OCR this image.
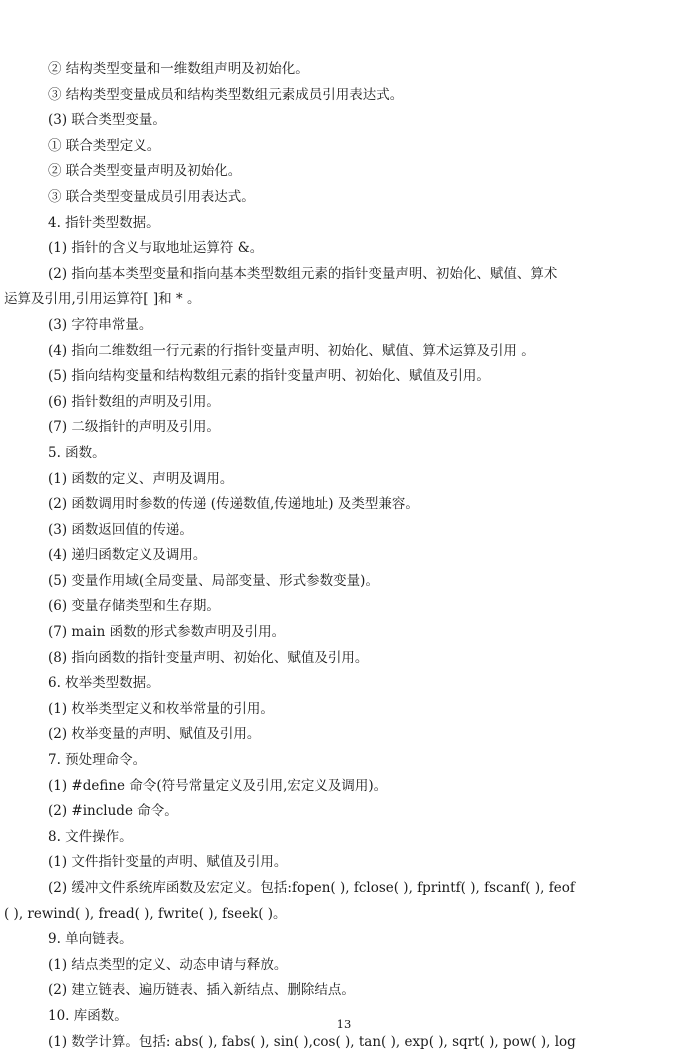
② 结构类型变量和一维数组声明及初始化。
③ 结构类型变量成员和结构类型数组元素成员引用表达式。
(3) 联合类型变量。
① 联合类型定义。
② 联合类型变量声明及初始化。
③ 联合类型变量成员引用表达式。
4. 指针类型数据。
(1) 指针的含义与取地址运算符 &。
(2) 指向基本类型变量和指向基本类型数组元素的指针变量声明、初始化、赋值、算术
运算及引用,引用运算符[ ]和 * 。
(3) 字符串常量。
(4) 指向二维数组一行元素的行指针变量声明、初始化、赋值、算术运算及引用 。
(5) 指向结构变量和结构数组元素的指针变量声明、初始化、赋值及引用。
(6) 指针数组的声明及引用。
(7) 二级指针的声明及引用。
5. 函数。
(1) 函数的定义、声明及调用。
(2) 函数调用时参数的传递 (传递数值,传递地址) 及类型兼容。
(3) 函数返回值的传递。
(4) 递归函数定义及调用。
(5) 变量作用域(全局变量、局部变量、形式参数变量)。
(6) 变量存储类型和生存期。
(7) main 函数的形式参数声明及引用。
(8) 指向函数的指针变量声明、初始化、赋值及引用。
6. 枚举类型数据。
(1) 枚举类型定义和枚举常量的引用。
(2) 枚举变量的声明、赋值及引用。
7. 预处理命令。
(1) #define 命令(符号常量定义及引用,宏定义及调用)。
(2) #include 命令。
8. 文件操作。
(1) 文件指针变量的声明、赋值及引用。
(2) 缓冲文件系统库函数及宏定义。包括:fopen( ), fclose( ), fprintf( ), fscanf( ), feof
( ), rewind( ), fread( ), fwrite( ), fseek( )。
9. 单向链表。
(1) 结点类型的定义、动态申请与释放。
(2) 建立链表、遍历链表、插入新结点、删除结点。
10. 库函数。
(1) 数学计算。包括: abs( ), fabs( ), sin( ),cos( ), tan( ), exp( ), sqrt( ), pow( ), log
13
